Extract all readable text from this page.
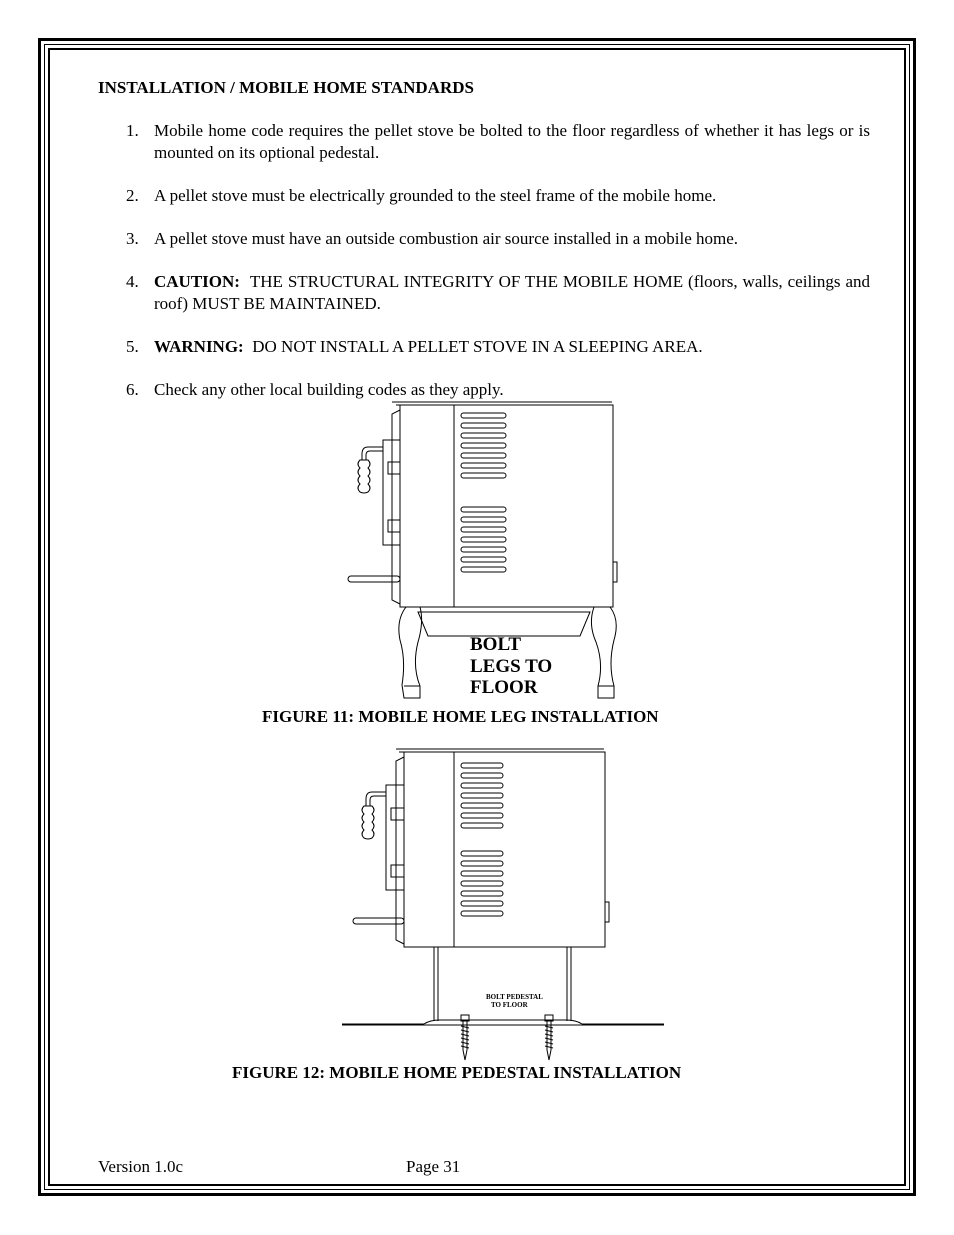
INSTALLATION / MOBILE HOME STANDARDS

1. Mobile home code requires the pellet stove be bolted to the floor regardless of whether it has legs or is mounted on its optional pedestal.

2. A pellet stove must be electrically grounded to the steel frame of the mobile home.

3. A pellet stove must have an outside combustion air source installed in a mobile home.

4. CAUTION: THE STRUCTURAL INTEGRITY OF THE MOBILE HOME (floors, walls, ceilings and roof) MUST BE MAINTAINED.

5. WARNING: DO NOT INSTALL A PELLET STOVE IN A SLEEPING AREA.

6. Check any other local building codes as they apply.

BOLT
LEGS TO
FLOOR

FIGURE 11: MOBILE HOME LEG INSTALLATION

BOLT PEDESTAL
TO FLOOR

FIGURE 12: MOBILE HOME PEDESTAL INSTALLATION

Version 1.0c	Page 31
